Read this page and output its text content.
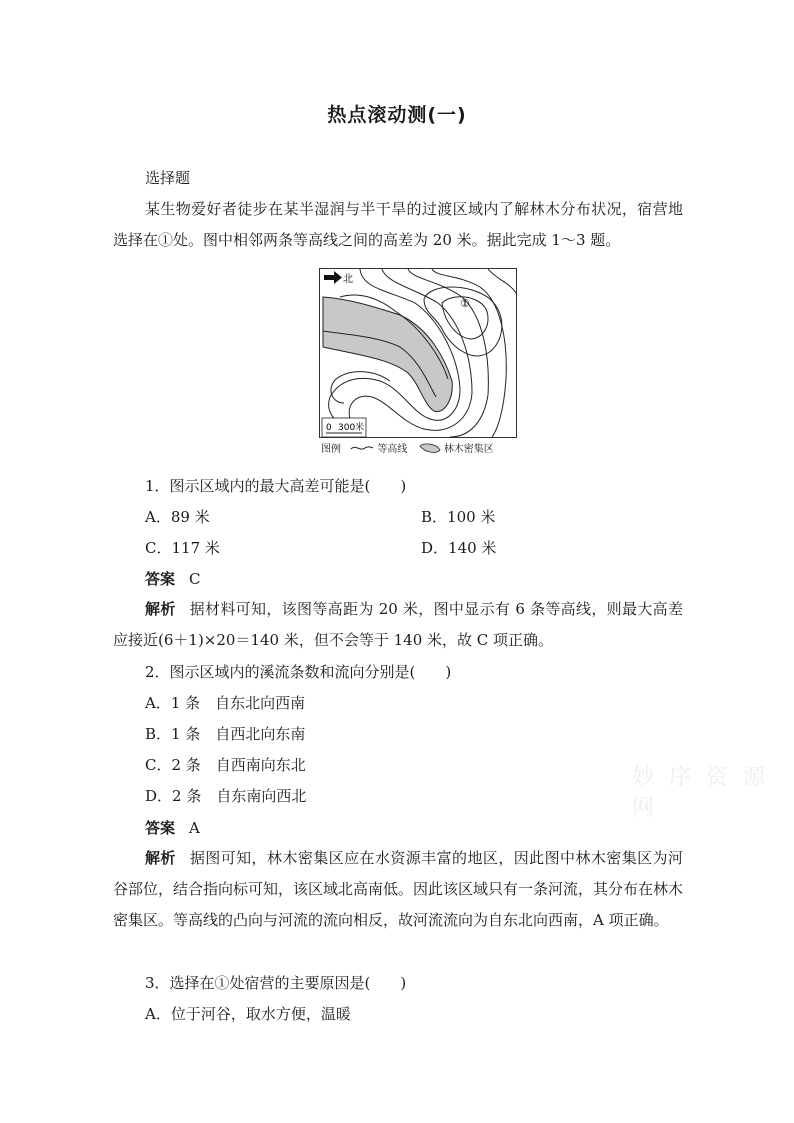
热点滚动测(一)
选择题
某生物爱好者徒步在某半湿润与半干旱的过渡区域内了解林木分布状况，宿营地选择在①处。图中相邻两条等高线之间的高差为 20 米。据此完成 1～3 题。
北
①
0 300米
图例	等高线	林木密集区
1．图示区域内的最大高差可能是(　　)
A．89 米	B．100 米
C．117 米	D．140 米
答案 C
解析 据材料可知，该图等高距为 20 米，图中显示有 6 条等高线，则最大高差应接近(6＋1)×20＝140 米，但不会等于 140 米，故 C 项正确。
2．图示区域内的溪流条数和流向分别是(　　)
A．1 条　自东北向西南
B．1 条　自西北向东南
C．2 条　自西南向东北
D．2 条　自东南向西北
答案 A
解析 据图可知，林木密集区应在水资源丰富的地区，因此图中林木密集区为河谷部位，结合指向标可知，该区域北高南低。因此该区域只有一条河流，其分布在林木密集区。等高线的凸向与河流的流向相反，故河流流向为自东北向西南，A 项正确。
3．选择在①处宿营的主要原因是(　　)
A．位于河谷，取水方便，温暖
妙 序 资 源 网
